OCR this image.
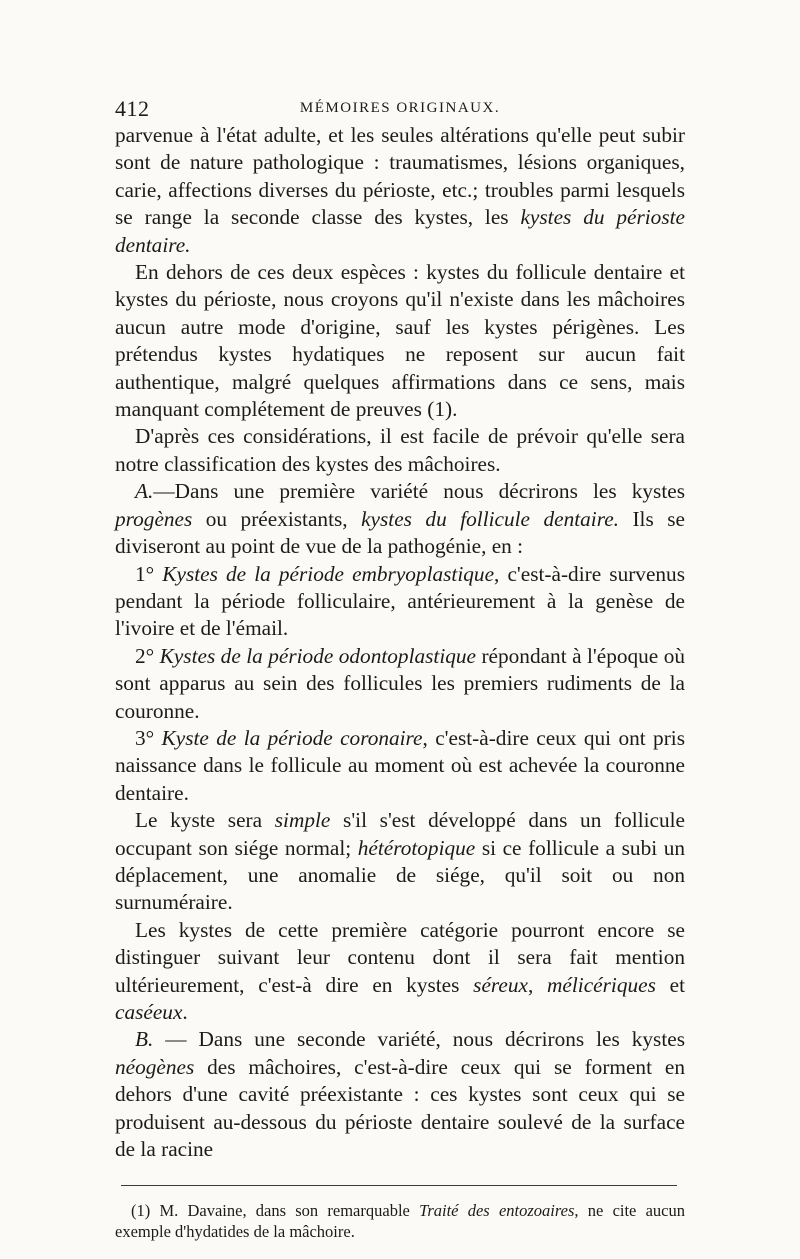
412	MÉMOIRES ORIGINAUX.

parvenue à l'état adulte, et les seules altérations qu'elle peut subir sont de nature pathologique : traumatismes, lésions organiques, carie, affections diverses du périoste, etc.; troubles parmi lesquels se range la seconde classe des kystes, les kystes du périoste dentaire.

En dehors de ces deux espèces : kystes du follicule dentaire et kystes du périoste, nous croyons qu'il n'existe dans les mâchoires aucun autre mode d'origine, sauf les kystes périgènes. Les prétendus kystes hydatiques ne reposent sur aucun fait authentique, malgré quelques affirmations dans ce sens, mais manquant complétement de preuves (1).

D'après ces considérations, il est facile de prévoir qu'elle sera notre classification des kystes des mâchoires.

A.—Dans une première variété nous décrirons les kystes progènes ou préexistants, kystes du follicule dentaire. Ils se diviseront au point de vue de la pathogénie, en :

1° Kystes de la période embryoplastique, c'est-à-dire survenus pendant la période folliculaire, antérieurement à la genèse de l'ivoire et de l'émail.

2° Kystes de la période odontoplastique répondant à l'époque où sont apparus au sein des follicules les premiers rudiments de la couronne.

3° Kyste de la période coronaire, c'est-à-dire ceux qui ont pris naissance dans le follicule au moment où est achevée la couronne dentaire.

Le kyste sera simple s'il s'est développé dans un follicule occupant son siége normal; hétérotopique si ce follicule a subi un déplacement, une anomalie de siége, qu'il soit ou non surnuméraire.

Les kystes de cette première catégorie pourront encore se distinguer suivant leur contenu dont il sera fait mention ultérieurement, c'est-à dire en kystes séreux, mélicériques et caséeux.

B. — Dans une seconde variété, nous décrirons les kystes néogènes des mâchoires, c'est-à-dire ceux qui se forment en dehors d'une cavité préexistante : ces kystes sont ceux qui se produisent au-dessous du périoste dentaire soulevé de la surface de la racine

(1) M. Davaine, dans son remarquable Traité des entozoaires, ne cite aucun exemple d'hydatides de la mâchoire.
